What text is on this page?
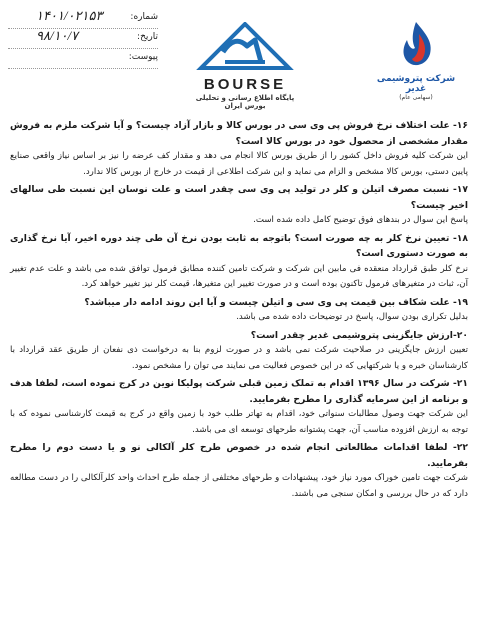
شماره:
۱۴۰۱/۰۲۱۵۳
تاریخ:
۹۸/۱۰/۷
پیوست:
BOURSE
پایگاه اطلاع رسانی و تحلیلی بورس ایران
شرکت پتروشیمی غدیر
(سهامی عام)

۱۶- علت اختلاف نرخ فروش پی وی سی در بورس کالا و بازار آزاد چیست؟ و آیا شرکت ملزم به فروش مقدار مشخصی از محصول خود در بورس کالا است؟

این شرکت کلیه فروش داخل کشور را از طریق بورس کالا انجام می دهد و مقدار کف عرضه را نیز بر اساس نیاز واقعی صنایع پایین دستی، بورس کالا مشخص و الزام می نماید و این شرکت اطلاعی از قیمت در خارج از بورس کالا ندارد.

۱۷- نسبت مصرف اتیلن و کلر در تولید پی وی سی چقدر است و علت نوسان این نسبت طی سالهای اخیر چیست؟

پاسخ این سوال در بندهای فوق توضیح کامل داده شده است.

۱۸- تعیین نرخ کلر به چه صورت است؟ باتوجه به ثابت بودن نرخ آن طی چند دوره اخیر، آیا نرخ گذاری به صورت دستوری است؟

نرخ کلر طبق قرارداد منعقده فی مابین این شرکت و شرکت تامین کننده مطابق فرمول توافق شده می باشد و علت عدم تغییر آن، ثبات در متغیرهای فرمول تاکنون بوده است و در صورت تغییر این متغیرها، قیمت کلر نیز تغییر خواهد کرد.

۱۹- علت شکاف بین قیمت پی وی سی و اتیلن چیست و آیا این روند ادامه دار میباشد؟

بدلیل تکراری بودن سوال، پاسخ در توضیحات داده شده می باشد.

۲۰-ارزش جایگزینی پتروشیمی غدیر چقدر است؟

تعیین ارزش جایگزینی در صلاحیت شرکت نمی باشد و در صورت لزوم بنا به درخواست ذی نفعان از طریق عقد قرارداد با کارشناسان خبره و یا شرکتهایی که در این خصوص فعالیت می نمایند می توان را مشخص نمود.

۲۱- شرکت در سال ۱۳۹۶ اقدام به تملک زمین قبلی شرکت پولیکا نوین در کرج نموده است، لطفا هدف و برنامه از این سرمایه گذاری را مطرح بفرمایید.

این شرکت جهت وصول مطالبات سنواتی خود، اقدام به تهاتر طلب خود با زمین واقع در کرج به قیمت کارشناسی نموده که با توجه به ارزش افزوده مناسب آن، جهت پشتوانه طرحهای توسعه ای می باشد.

۲۲- لطفا اقدامات مطالعاتی انجام شده در خصوص طرح کلر آلکالی نو و یا دست دوم را مطرح بفرمایید.

شرکت جهت تامین خوراک مورد نیاز خود، پیشنهادات و طرحهای مختلفی از جمله طرح احداث واحد کلرآلکالی را در دست مطالعه دارد که در حال بررسی و امکان سنجی می باشند.
